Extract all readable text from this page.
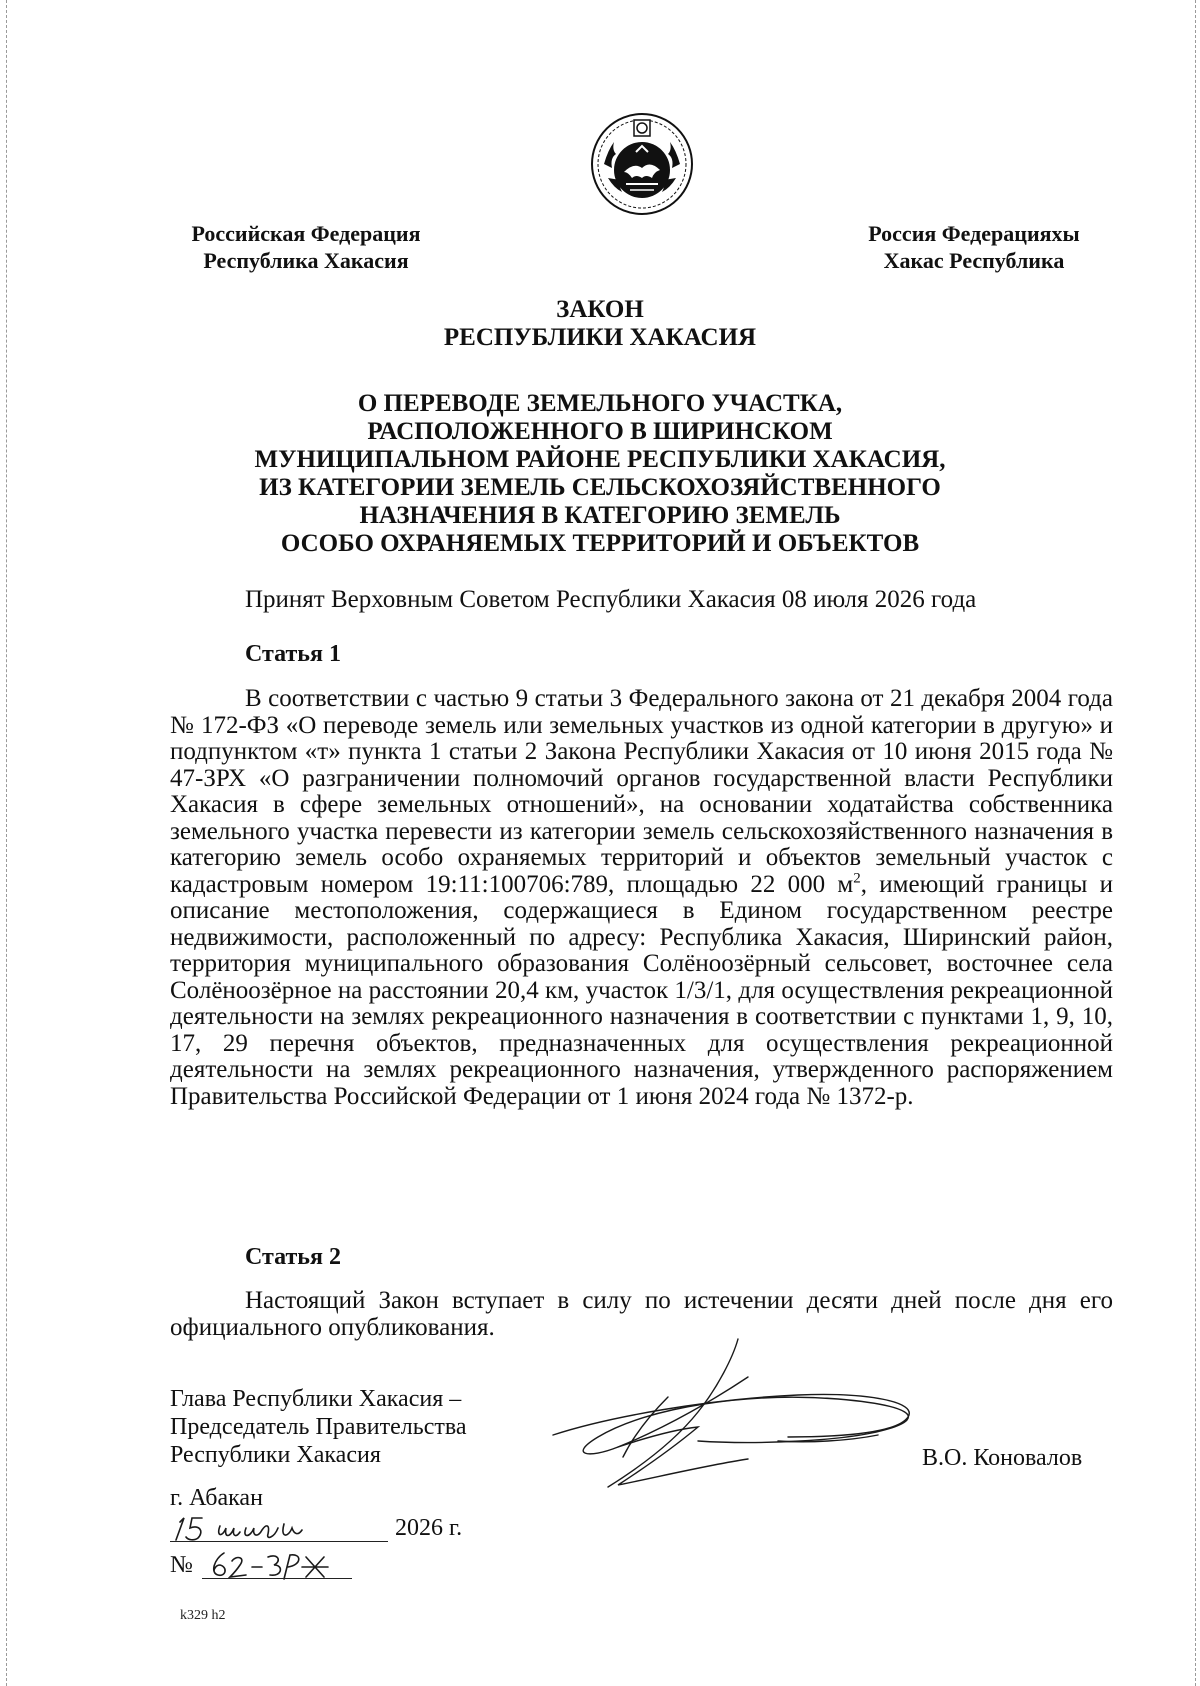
Российская Федерация
Республика Хакасия
Россия Федерацияхы
Хакас Республика
ЗАКОН
РЕСПУБЛИКИ ХАКАСИЯ
О ПЕРЕВОДЕ ЗЕМЕЛЬНОГО УЧАСТКА,
РАСПОЛОЖЕННОГО В ШИРИНСКОМ
МУНИЦИПАЛЬНОМ РАЙОНЕ РЕСПУБЛИКИ ХАКАСИЯ,
ИЗ КАТЕГОРИИ ЗЕМЕЛЬ СЕЛЬСКОХОЗЯЙСТВЕННОГО
НАЗНАЧЕНИЯ В КАТЕГОРИЮ ЗЕМЕЛЬ
ОСОБО ОХРАНЯЕМЫХ ТЕРРИТОРИЙ И ОБЪЕКТОВ
Принят Верховным Советом Республики Хакасия 08 июля 2026 года
Статья 1
В соответствии с частью 9 статьи 3 Федерального закона от 21 декабря 2004 года № 172-ФЗ «О переводе земель или земельных участков из одной категории в другую» и подпунктом «т» пункта 1 статьи 2 Закона Республики Хакасия от 10 июня 2015 года № 47-ЗРХ «О разграничении полномочий органов государственной власти Республики Хакасия в сфере земельных отношений», на основании ходатайства собственника земельного участка перевести из категории земель сельскохозяйственного назначения в категорию земель особо охраняемых территорий и объектов земельный участок с кадастровым номером 19:11:100706:789, площадью 22 000 $м^2$, имеющий границы и описание местоположения, содержащиеся в Едином государственном реестре недвижимости, расположенный по адресу: Республика Хакасия, Ширинский район, территория муниципального образования Солёноозёрный сельсовет, восточнее села Солёноозёрное на расстоянии 20,4 км, участок 1/3/1, для осуществления рекреационной деятельности на землях рекреационного назначения в соответствии с пунктами 1, 9, 10, 17, 29 перечня объектов, предназначенных для осуществления рекреационной деятельности на землях рекреационного назначения, утвержденного распоряжением Правительства Российской Федерации от 1 июня 2024 года № 1372-р.
Статья 2
Настоящий Закон вступает в силу по истечении десяти дней после дня его официального опубликования.
Глава Республики Хакасия –
Председатель Правительства
Республики Хакасия	В.О. Коновалов
г. Абакан
2026 г.
№
k329 h2
